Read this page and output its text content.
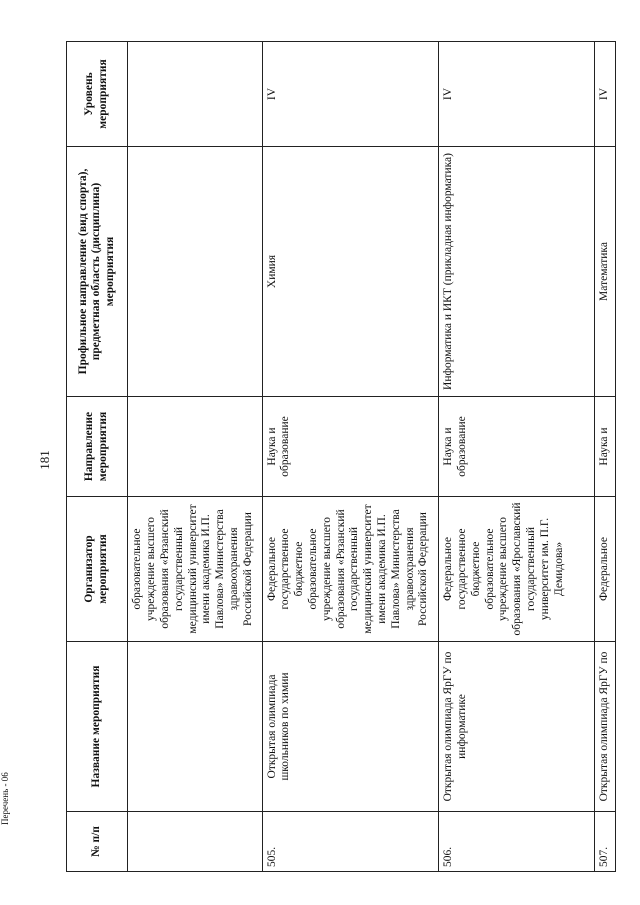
181
№ п/п	Название мероприятия	Организатор мероприятия	Направление мероприятия	Профильное направление (вид спорта), предметная область (дисциплина) мероприятия	Уровень мероприятия
		образовательное учреждение высшего образования «Рязанский государственный медицинский университет имени академика И.П. Павлова» Министерства здравоохранения Российской Федерации			
505.	Открытая олимпиада школьников по химии	Федеральное государственное бюджетное образовательное учреждение высшего образования «Рязанский государственный медицинский университет имени академика И.П. Павлова» Министерства здравоохранения Российской Федерации	Наука и образование	Химия	IV
506.	Открытая олимпиада ЯрГУ по информатике	Федеральное государственное бюджетное образовательное учреждение высшего образования «Ярославский государственный университет им. П.Г. Демидова»	Наука и образование	Информатика и ИКТ (прикладная информатика)	IV
507.	Открытая олимпиада ЯрГУ по	Федеральное	Наука и	Математика	IV
Перечень - 06
